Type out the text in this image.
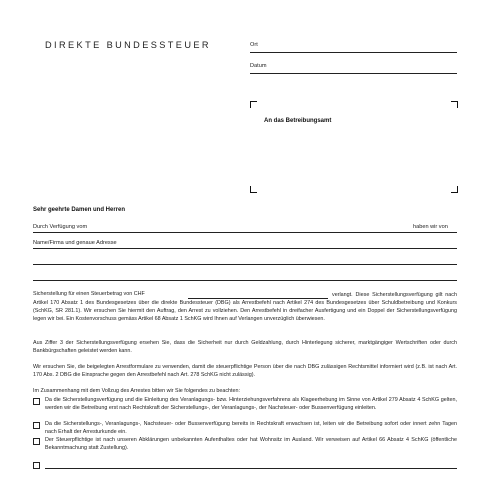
DIREKTE BUNDESSTEUER	Ort
Datum
An das Betreibungsamt
Sehr geehrte Damen und Herren
Durch Verfügung vom	haben wir von
Name/Firma und genaue Adresse
Sicherstellung für einen Steuerbetrag von CHF	verlangt. Diese Sicherstellungsverfügung gilt nach Artikel 170 Absatz 1 des Bundesgesetzes über die direkte Bundessteuer (DBG) als Arrestbefehl nach Artikel 274 des Bundesgesetzes über Schuldbetreibung und Konkurs (SchKG, SR 281.1). Wir ersuchen Sie hiermit den Auftrag, den Arrest zu vollziehen. Den Arrestbefehl in dreifacher Ausfertigung und ein Doppel der Sicherstellungsverfügung legen wir bei. Ein Kostenvorschuss gemäss Artikel 68 Absatz 1 SchKG wird Ihnen auf Verlangen unverzüglich überwiesen.
Aus Ziffer 3 der Sicherstellungsverfügung ersehen Sie, dass die Sicherheit nur durch Geldzahlung, durch Hinterlegung sicherer, marktgängiger Wertschriften oder durch Bankbürgschaften geleistet werden kann.
Wir ersuchen Sie, die beigelegten Arrestformulare zu verwenden, damit die steuerpflichtige Person über die nach DBG zulässigen Rechtsmittel informiert wird (z.B. ist nach Art. 170 Abs. 2 DBG die Einsprache gegen den Arrestbefehl nach Art. 278 SchKG nicht zulässig).
Im Zusammenhang mit dem Vollzug des Arrestes bitten wir Sie folgendes zu beachten:
Da die Sicherstellungsverfügung und die Einleitung des Veranlagungs- bzw. Hinterziehungsverfahrens als Klageerhebung im Sinne von Artikel 279 Absatz 4 SchKG gelten, werden wir die Betreibung erst nach Rechtskraft der Sicherstellungs-, der Veranlagungs-, der Nachsteuer- oder Bussenverfügung einleiten.
Da die Sicherstellungs-, Veranlagungs-, Nachsteuer- oder Bussenverfügung bereits in Rechtskraft erwachsen ist, leiten wir die Betreibung sofort oder innert zehn Tagen nach Erhalt der Arresturkunde ein.
Der Steuerpflichtige ist nach unseren Abklärungen unbekannten Aufenthaltes oder hat Wohnsitz im Ausland. Wir verweisen auf Artikel 66 Absatz 4 SchKG (öffentliche Bekanntmachung statt Zustellung).
